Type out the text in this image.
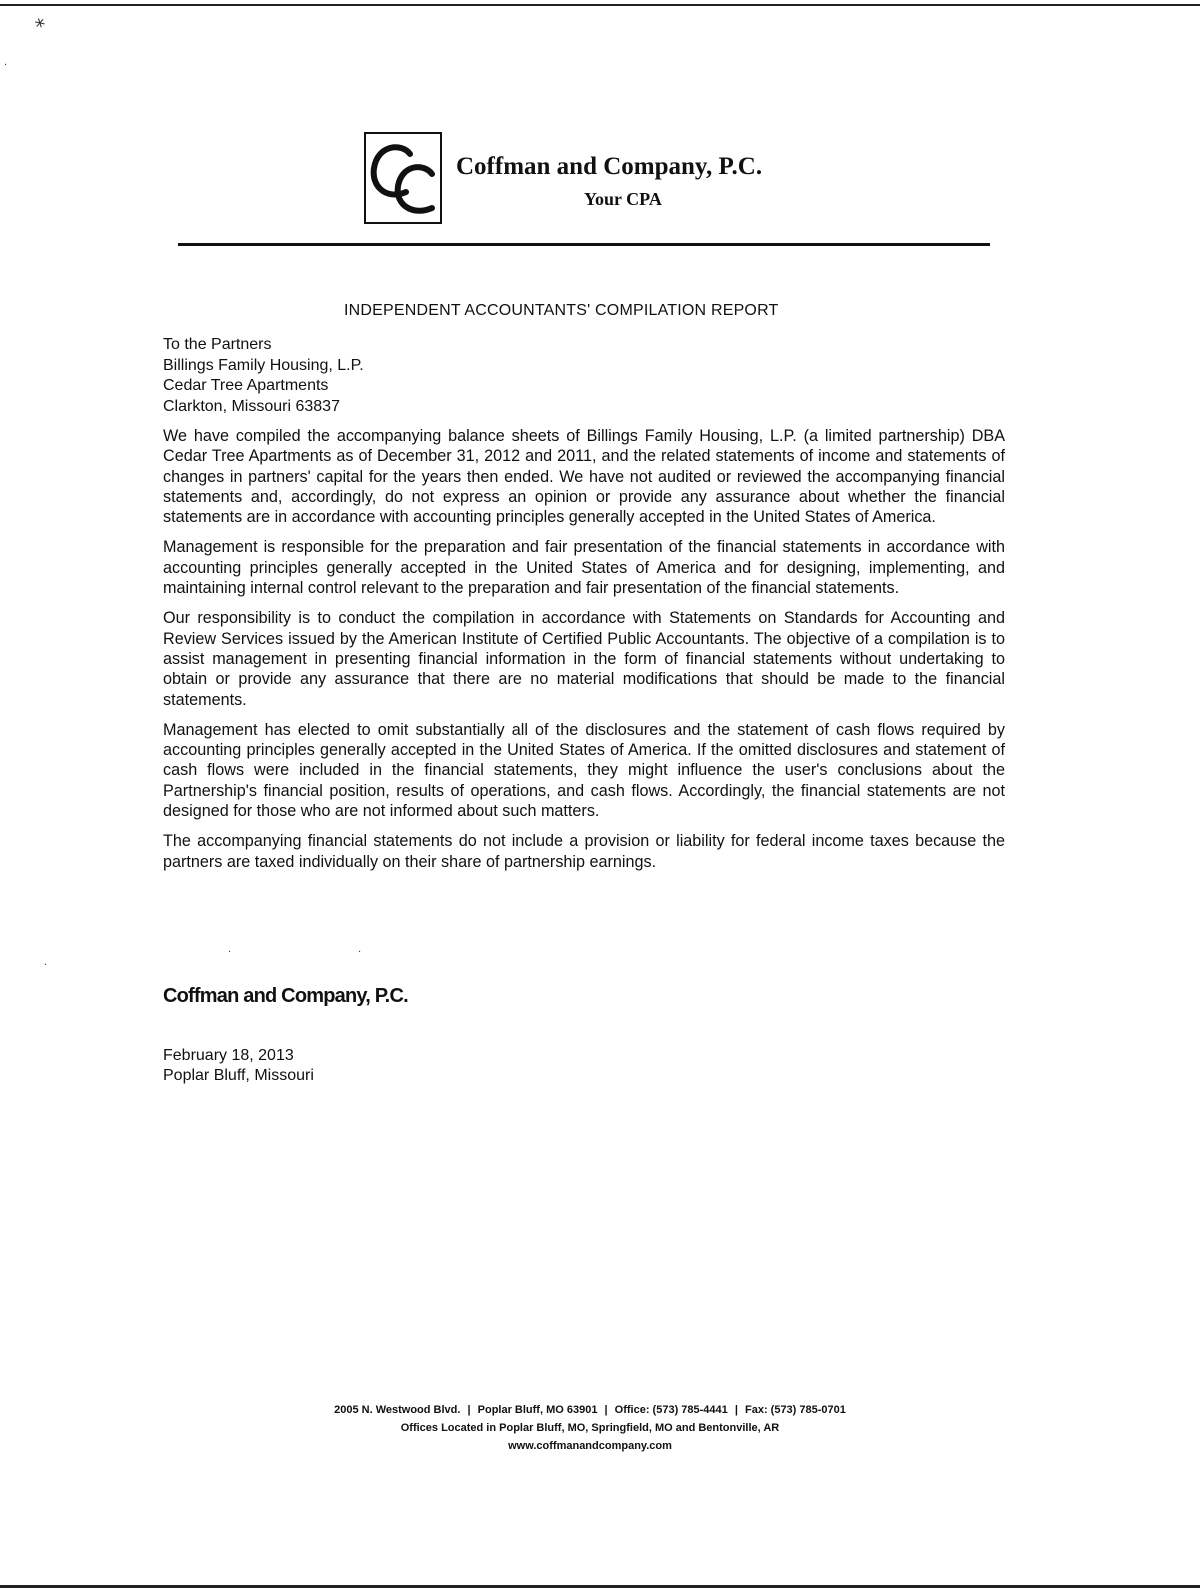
⁎
·
·
·	·
Coffman and Company, P.C.
Your CPA
INDEPENDENT ACCOUNTANTS' COMPILATION REPORT
To the Partners
Billings Family Housing, L.P.
Cedar Tree Apartments
Clarkton, Missouri 63837

We have compiled the accompanying balance sheets of Billings Family Housing, L.P. (a limited partnership) DBA Cedar Tree Apartments as of December 31, 2012 and 2011, and the related statements of income and statements of changes in partners' capital for the years then ended. We have not audited or reviewed the accompanying financial statements and, accordingly, do not express an opinion or provide any assurance about whether the financial statements are in accordance with accounting principles generally accepted in the United States of America.

Management is responsible for the preparation and fair presentation of the financial statements in accordance with accounting principles generally accepted in the United States of America and for designing, implementing, and maintaining internal control relevant to the preparation and fair presentation of the financial statements.

Our responsibility is to conduct the compilation in accordance with Statements on Standards for Accounting and Review Services issued by the American Institute of Certified Public Accountants. The objective of a compilation is to assist management in presenting financial information in the form of financial statements without undertaking to obtain or provide any assurance that there are no material modifications that should be made to the financial statements.

Management has elected to omit substantially all of the disclosures and the statement of cash flows required by accounting principles generally accepted in the United States of America. If the omitted disclosures and statement of cash flows were included in the financial statements, they might influence the user's conclusions about the Partnership's financial position, results of operations, and cash flows. Accordingly, the financial statements are not designed for those who are not informed about such matters.

The accompanying financial statements do not include a provision or liability for federal income taxes because the partners are taxed individually on their share of partnership earnings.

Coffman and Company, P.C.
February 18, 2013
Poplar Bluff, Missouri
2005 N. Westwood Blvd. | Poplar Bluff, MO 63901 | Office: (573) 785-4441 | Fax: (573) 785-0701
Offices Located in Poplar Bluff, MO, Springfield, MO and Bentonville, AR
www.coffmanandcompany.com
